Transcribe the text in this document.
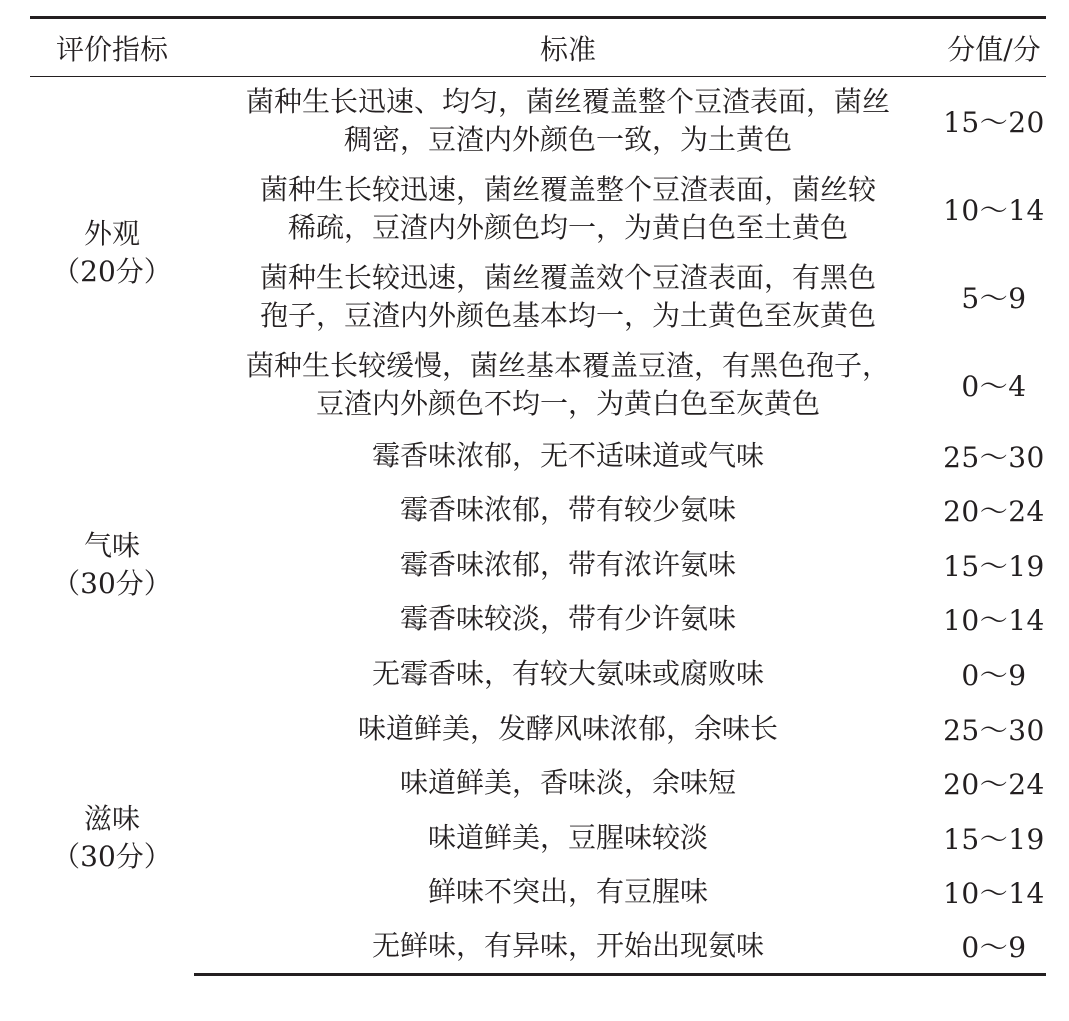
评价指标	标准	分值/分

外观
（20分）	菌种生长迅速、均匀，菌丝覆盖整个豆渣表面，菌丝
稠密，豆渣内外颜色一致，为土黄色	15～20

	菌种生长较迅速，菌丝覆盖整个豆渣表面，菌丝较
稀疏，豆渣内外颜色均一，为黄白色至土黄色	10～14

	菌种生长较迅速，菌丝覆盖效个豆渣表面，有黑色
孢子，豆渣内外颜色基本均一，为土黄色至灰黄色	5～9

	茵种生长较缓慢，菌丝基本覆盖豆渣，有黑色孢子，
豆渣内外颜色不均一，为黄白色至灰黄色	0～4

气味
（30分）	霉香味浓郁，无不适味道或气味	25～30

	霉香味浓郁，带有较少氨味	20～24

	霉香味浓郁，带有浓许氨味	15～19

	霉香味较淡，带有少许氨味	10～14

	无霉香味，有较大氨味或腐败味	0～9

滋味
（30分）	味道鲜美，发酵风味浓郁，余味长	25～30

	味道鲜美，香味淡，余味短	20～24

	味道鲜美，豆腥味较淡	15～19

	鲜味不突出，有豆腥味	10～14

	无鲜味，有异味，开始出现氨味	0～9
